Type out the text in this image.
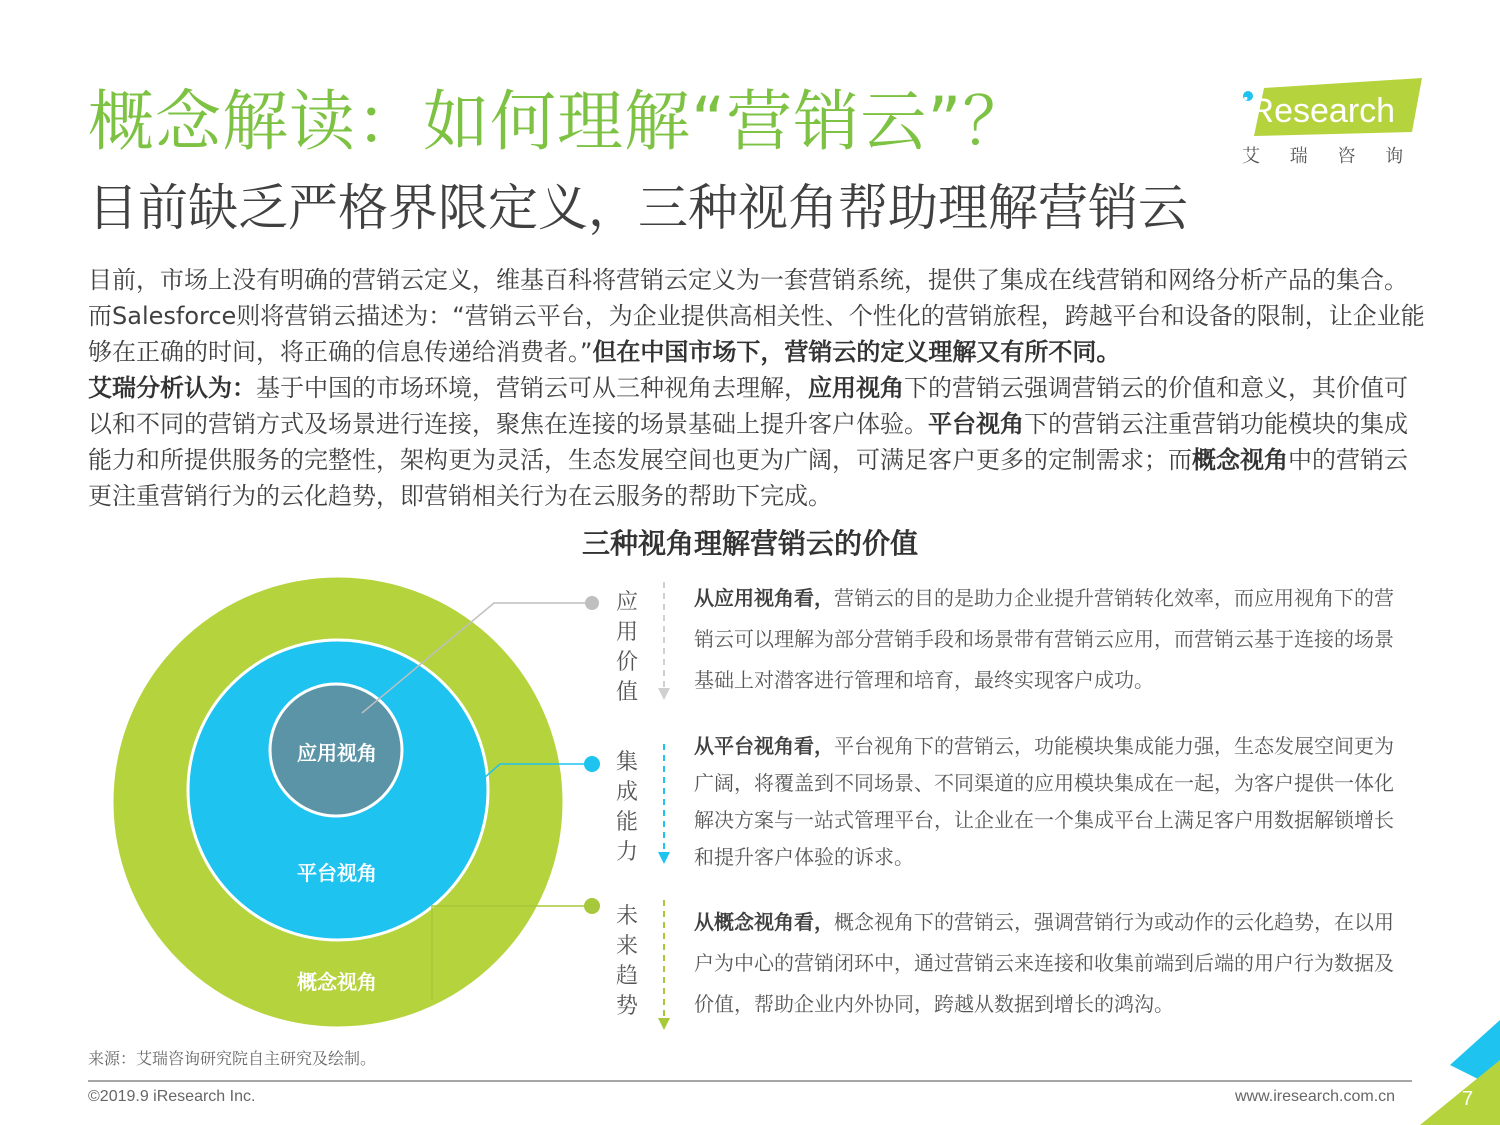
概念解读：如何理解“营销云”？
目前缺乏严格界限定义，三种视角帮助理解营销云
iResearch
艾 瑞 咨 询

目前，市场上没有明确的营销云定义，维基百科将营销云定义为一套营销系统，提供了集成在线营销和网络分析产品的集合。而Salesforce则将营销云描述为：“营销云平台，为企业提供高相关性、个性化的营销旅程，跨越平台和设备的限制，让企业能够在正确的时间，将正确的信息传递给消费者。”但在中国市场下，营销云的定义理解又有所不同。

艾瑞分析认为：基于中国的市场环境，营销云可从三种视角去理解，应用视角下的营销云强调营销云的价值和意义，其价值可以和不同的营销方式及场景进行连接，聚焦在连接的场景基础上提升客户体验。平台视角下的营销云注重营销功能模块的集成能力和所提供服务的完整性，架构更为灵活，生态发展空间也更为广阔，可满足客户更多的定制需求；而概念视角中的营销云更注重营销行为的云化趋势，即营销相关行为在云服务的帮助下完成。

三种视角理解营销云的价值
应用视角
平台视角
概念视角
应
用
价
值
集
成
能
力
未
来
趋
势
从应用视角看，营销云的目的是助力企业提升营销转化效率，而应用视角下的营销云可以理解为部分营销手段和场景带有营销云应用，而营销云基于连接的场景基础上对潜客进行管理和培育，最终实现客户成功。
从平台视角看，平台视角下的营销云，功能模块集成能力强，生态发展空间更为广阔，将覆盖到不同场景、不同渠道的应用模块集成在一起，为客户提供一体化解决方案与一站式管理平台，让企业在一个集成平台上满足客户用数据解锁增长和提升客户体验的诉求。
从概念视角看，概念视角下的营销云，强调营销行为或动作的云化趋势，在以用户为中心的营销闭环中，通过营销云来连接和收集前端到后端的用户行为数据及价值，帮助企业内外协同，跨越从数据到增长的鸿沟。
来源：艾瑞咨询研究院自主研究及绘制。
©2019.9 iResearch Inc.	www.iresearch.com.cn	7
